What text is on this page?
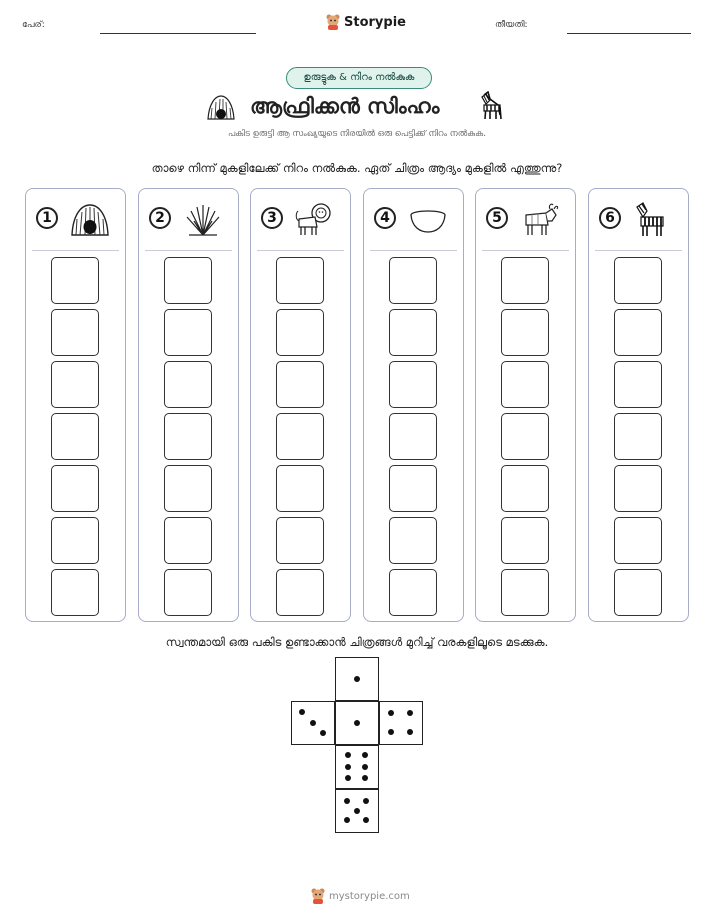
പേര്:	Storypie	തീയതി:
ഉരുട്ടുക & നിറം നൽകുക
ആഫ്രിക്കൻ സിംഹം
പകിട ഉരുട്ടി ആ സംഖ്യയുടെ നിരയിൽ ഒരു പെട്ടിക്ക് നിറം നൽകുക.
താഴെ നിന്ന് മുകളിലേക്ക് നിറം നൽകുക. ഏത് ചിത്രം ആദ്യം മുകളിൽ എത്തുന്നു?
1	2	3	4	5	6
സ്വന്തമായി ഒരു പകിട ഉണ്ടാക്കാൻ ചിത്രങ്ങൾ മുറിച്ച് വരകളിലൂടെ മടക്കുക.
mystorypie.com
